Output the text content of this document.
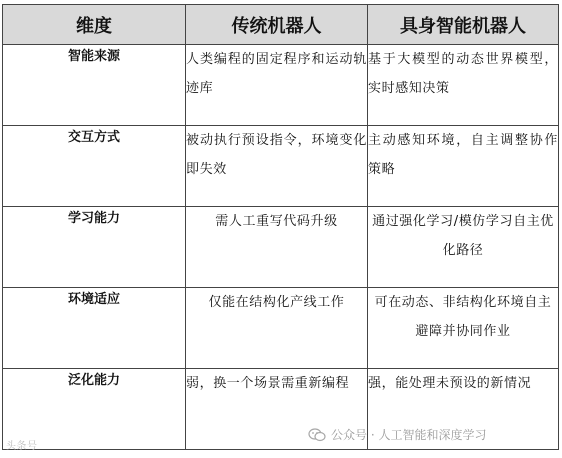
维度	传统机器人	具身智能机器人
智能来源	人类编程的固定程序和运动轨迹库	基于大模型的动态世界模型，实时感知决策
交互方式	被动执行预设指令，环境变化即失效	主动感知环境，自主调整协作策略
学习能力	需人工重写代码升级	通过强化学习/模仿学习自主优化路径
环境适应	仅能在结构化产线工作	可在动态、非结构化环境自主避障并协同作业
泛化能力	弱，换一个场景需重新编程	强，能处理未预设的新情况
头条号
公众号 · 人工智能和深度学习
